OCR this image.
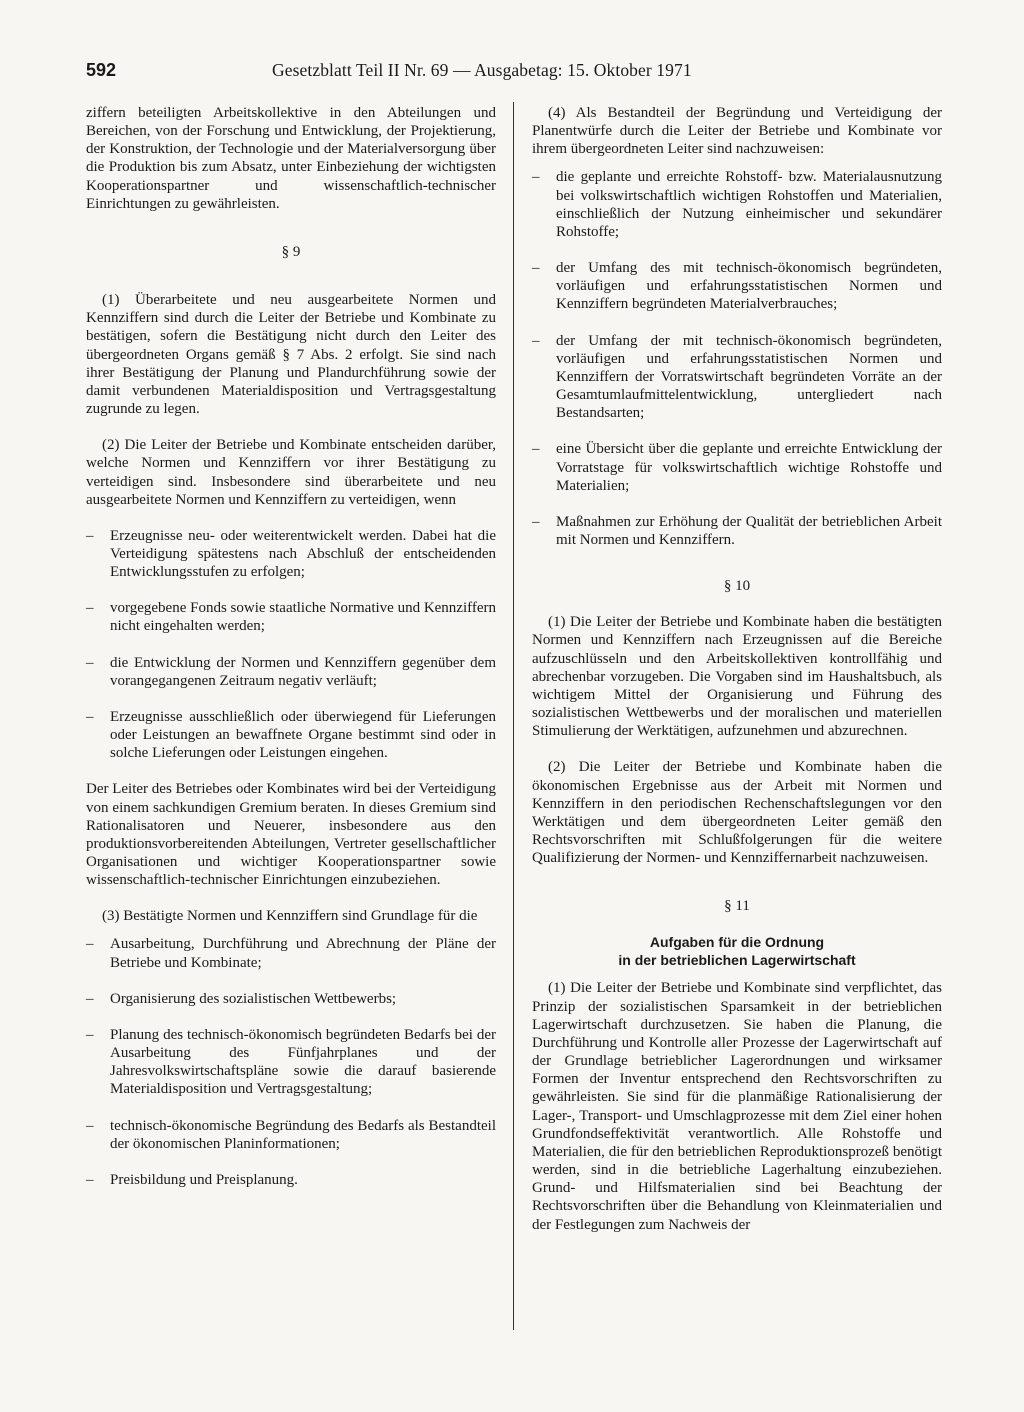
592	Gesetzblatt Teil II Nr. 69 — Ausgabetag: 15. Oktober 1971

ziffern beteiligten Arbeitskollektive in den Abteilungen und Bereichen, von der Forschung und Entwicklung, der Projektierung, der Konstruktion, der Technologie und der Materialversorgung über die Produktion bis zum Absatz, unter Einbeziehung der wichtigsten Kooperationspartner und wissenschaftlich-technischer Einrichtungen zu gewährleisten.

§ 9

(1) Überarbeitete und neu ausgearbeitete Normen und Kennziffern sind durch die Leiter der Betriebe und Kombinate zu bestätigen, sofern die Bestätigung nicht durch den Leiter des übergeordneten Organs gemäß § 7 Abs. 2 erfolgt. Sie sind nach ihrer Bestätigung der Planung und Plandurchführung sowie der damit verbundenen Materialdisposition und Vertragsgestaltung zugrunde zu legen.

(2) Die Leiter der Betriebe und Kombinate entscheiden darüber, welche Normen und Kennziffern vor ihrer Bestätigung zu verteidigen sind. Insbesondere sind überarbeitete und neu ausgearbeitete Normen und Kennziffern zu verteidigen, wenn

– Erzeugnisse neu- oder weiterentwickelt werden. Dabei hat die Verteidigung spätestens nach Abschluß der entscheidenden Entwicklungsstufen zu erfolgen;
– vorgegebene Fonds sowie staatliche Normative und Kennziffern nicht eingehalten werden;
– die Entwicklung der Normen und Kennziffern gegenüber dem vorangegangenen Zeitraum negativ verläuft;
– Erzeugnisse ausschließlich oder überwiegend für Lieferungen oder Leistungen an bewaffnete Organe bestimmt sind oder in solche Lieferungen oder Leistungen eingehen.

Der Leiter des Betriebes oder Kombinates wird bei der Verteidigung von einem sachkundigen Gremium beraten. In dieses Gremium sind Rationalisatoren und Neuerer, insbesondere aus den produktionsvorbereitenden Abteilungen, Vertreter gesellschaftlicher Organisationen und wichtiger Kooperationspartner sowie wissenschaftlich-technischer Einrichtungen einzubeziehen.

(3) Bestätigte Normen und Kennziffern sind Grundlage für die

– Ausarbeitung, Durchführung und Abrechnung der Pläne der Betriebe und Kombinate;
– Organisierung des sozialistischen Wettbewerbs;
– Planung des technisch-ökonomisch begründeten Bedarfs bei der Ausarbeitung des Fünfjahrplanes und der Jahresvolkswirtschaftspläne sowie die darauf basierende Materialdisposition und Vertragsgestaltung;
– technisch-ökonomische Begründung des Bedarfs als Bestandteil der ökonomischen Planinformationen;
– Preisbildung und Preisplanung.

(4) Als Bestandteil der Begründung und Verteidigung der Planentwürfe durch die Leiter der Betriebe und Kombinate vor ihrem übergeordneten Leiter sind nachzuweisen:

– die geplante und erreichte Rohstoff- bzw. Materialausnutzung bei volkswirtschaftlich wichtigen Rohstoffen und Materialien, einschließlich der Nutzung einheimischer und sekundärer Rohstoffe;
– der Umfang des mit technisch-ökonomisch begründeten, vorläufigen und erfahrungsstatistischen Normen und Kennziffern begründeten Materialverbrauches;
– der Umfang der mit technisch-ökonomisch begründeten, vorläufigen und erfahrungsstatistischen Normen und Kennziffern der Vorratswirtschaft begründeten Vorräte an der Gesamtumlaufmittelentwicklung, untergliedert nach Bestandsarten;
– eine Übersicht über die geplante und erreichte Entwicklung der Vorratstage für volkswirtschaftlich wichtige Rohstoffe und Materialien;
– Maßnahmen zur Erhöhung der Qualität der betrieblichen Arbeit mit Normen und Kennziffern.

§ 10

(1) Die Leiter der Betriebe und Kombinate haben die bestätigten Normen und Kennziffern nach Erzeugnissen auf die Bereiche aufzuschlüsseln und den Arbeitskollektiven kontrollfähig und abrechenbar vorzugeben. Die Vorgaben sind im Haushaltsbuch, als wichtigem Mittel der Organisierung und Führung des sozialistischen Wettbewerbs und der moralischen und materiellen Stimulierung der Werktätigen, aufzunehmen und abzurechnen.

(2) Die Leiter der Betriebe und Kombinate haben die ökonomischen Ergebnisse aus der Arbeit mit Normen und Kennziffern in den periodischen Rechenschaftslegungen vor den Werktätigen und dem übergeordneten Leiter gemäß den Rechtsvorschriften mit Schlußfolgerungen für die weitere Qualifizierung der Normen- und Kennziffernarbeit nachzuweisen.

§ 11

Aufgaben für die Ordnung

in der betrieblichen Lagerwirtschaft

(1) Die Leiter der Betriebe und Kombinate sind verpflichtet, das Prinzip der sozialistischen Sparsamkeit in der betrieblichen Lagerwirtschaft durchzusetzen. Sie haben die Planung, die Durchführung und Kontrolle aller Prozesse der Lagerwirtschaft auf der Grundlage betrieblicher Lagerordnungen und wirksamer Formen der Inventur entsprechend den Rechtsvorschriften zu gewährleisten. Sie sind für die planmäßige Rationalisierung der Lager-, Transport- und Umschlagprozesse mit dem Ziel einer hohen Grundfondseffektivität verantwortlich. Alle Rohstoffe und Materialien, die für den betrieblichen Reproduktionsprozeß benötigt werden, sind in die betriebliche Lagerhaltung einzubeziehen. Grund- und Hilfsmaterialien sind bei Beachtung der Rechtsvorschriften über die Behandlung von Kleinmaterialien und der Festlegungen zum Nachweis der
